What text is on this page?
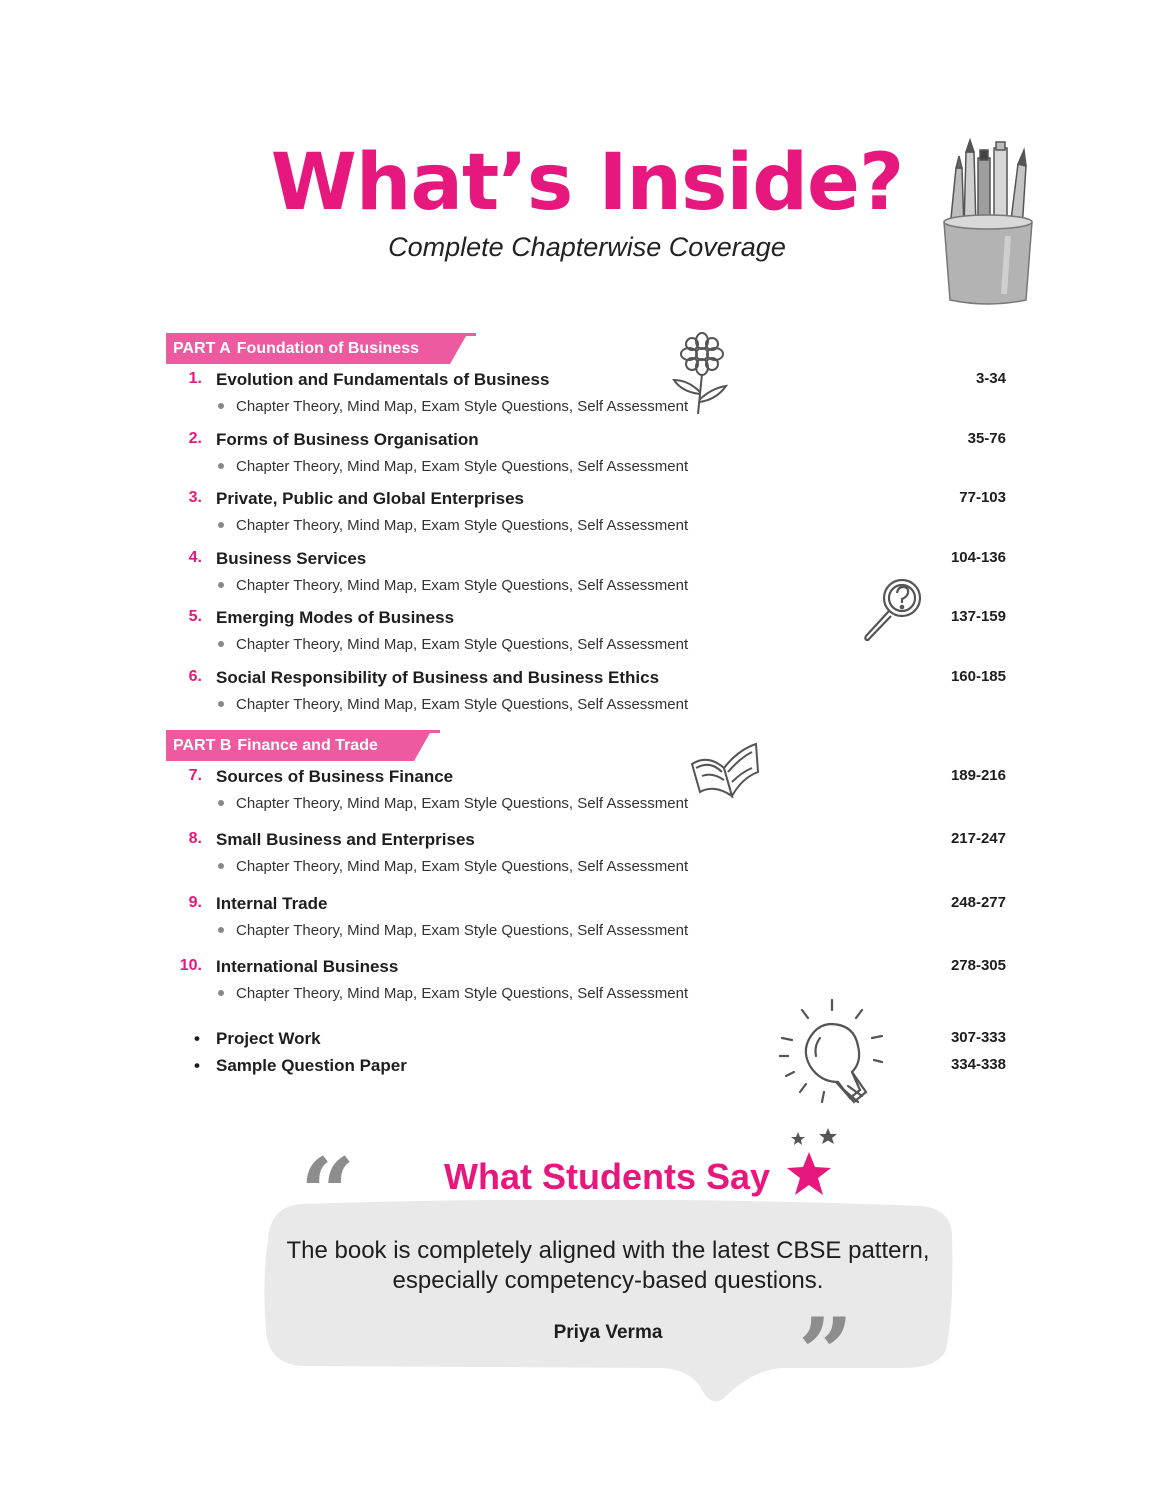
What’s Inside?
Complete Chapterwise Coverage
PART A Foundation of Business
1. Evolution and Fundamentals of Business	3-34
Chapter Theory, Mind Map, Exam Style Questions, Self Assessment
2. Forms of Business Organisation	35-76
Chapter Theory, Mind Map, Exam Style Questions, Self Assessment
3. Private, Public and Global Enterprises	77-103
Chapter Theory, Mind Map, Exam Style Questions, Self Assessment
4. Business Services	104-136
Chapter Theory, Mind Map, Exam Style Questions, Self Assessment
5. Emerging Modes of Business	137-159
Chapter Theory, Mind Map, Exam Style Questions, Self Assessment
6. Social Responsibility of Business and Business Ethics	160-185
Chapter Theory, Mind Map, Exam Style Questions, Self Assessment
PART B Finance and Trade
7. Sources of Business Finance	189-216
Chapter Theory, Mind Map, Exam Style Questions, Self Assessment
8. Small Business and Enterprises	217-247
Chapter Theory, Mind Map, Exam Style Questions, Self Assessment
9. Internal Trade	248-277
Chapter Theory, Mind Map, Exam Style Questions, Self Assessment
10. International Business	278-305
Chapter Theory, Mind Map, Exam Style Questions, Self Assessment
• Project Work	307-333
• Sample Question Paper	334-338
What Students Say
“
The book is completely aligned with the latest CBSE pattern,
especially competency-based questions.
Priya Verma	”
